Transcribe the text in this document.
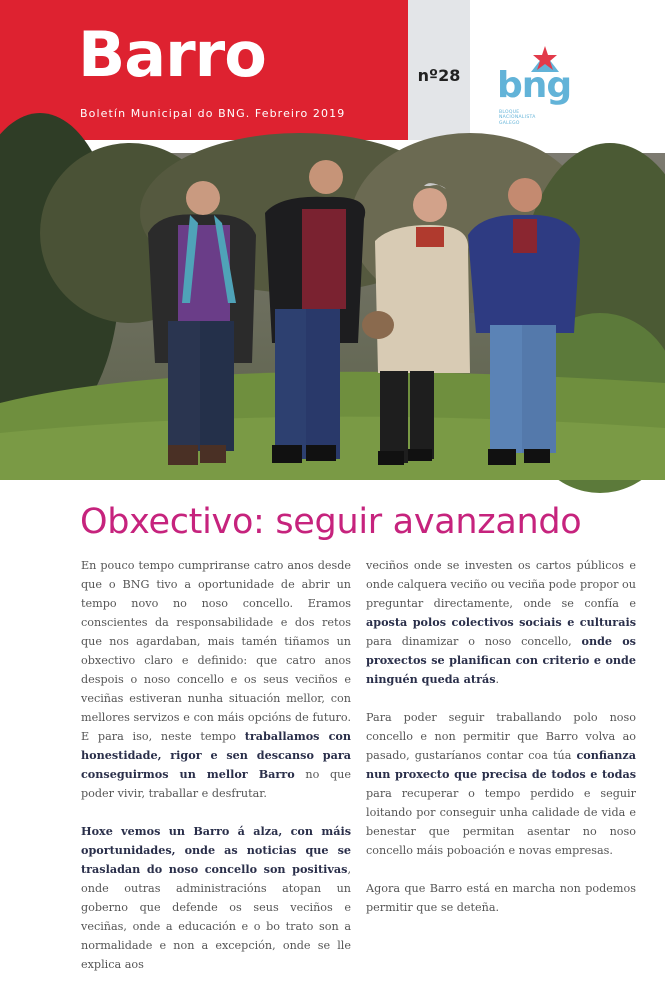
Barro
Boletín Municipal do BNG. Febreiro 2019
nº28 bng
BLOQUE NACIONALISTA GALEGO
Obxectivo: seguir avanzando

En pouco tempo cumpriranse catro anos desde que o BNG tivo a oportunidade de abrir un tempo novo no noso concello. Eramos conscientes da responsabilidade e dos retos que nos agardaban, mais tamén tiñamos un obxectivo claro e definido: que catro anos despois o noso concello e os seus veciños e veciñas estiveran nunha situación mellor, con mellores servizos e con máis opcións de futuro. E para iso, neste tempo traballamos con honestidade, rigor e sen descanso para conseguirmos un mellor Barro no que poder vivir, traballar e desfrutar.

Hoxe vemos un Barro á alza, con máis oportunidades, onde as noticias que se trasladan do noso concello son positivas, onde outras administracións atopan un goberno que defende os seus veciños e veciñas, onde a educación e o bo trato son a normalidade e non a excepción, onde se lle explica aos

veciños onde se investen os cartos públicos e onde calquera veciño ou veciña pode propor ou preguntar directamente, onde se confía e aposta polos colectivos sociais e culturais para dinamizar o noso concello, onde os proxectos se planifican con criterio e onde ninguén queda atrás.

Para poder seguir traballando polo noso concello e non permitir que Barro volva ao pasado, gustaríanos contar coa túa confianza nun proxecto que precisa de todos e todas para recuperar o tempo perdido e seguir loitando por conseguir unha calidade de vida e benestar que permitan asentar no noso concello máis poboación e novas empresas.

Agora que Barro está en marcha non podemos permitir que se deteña.
